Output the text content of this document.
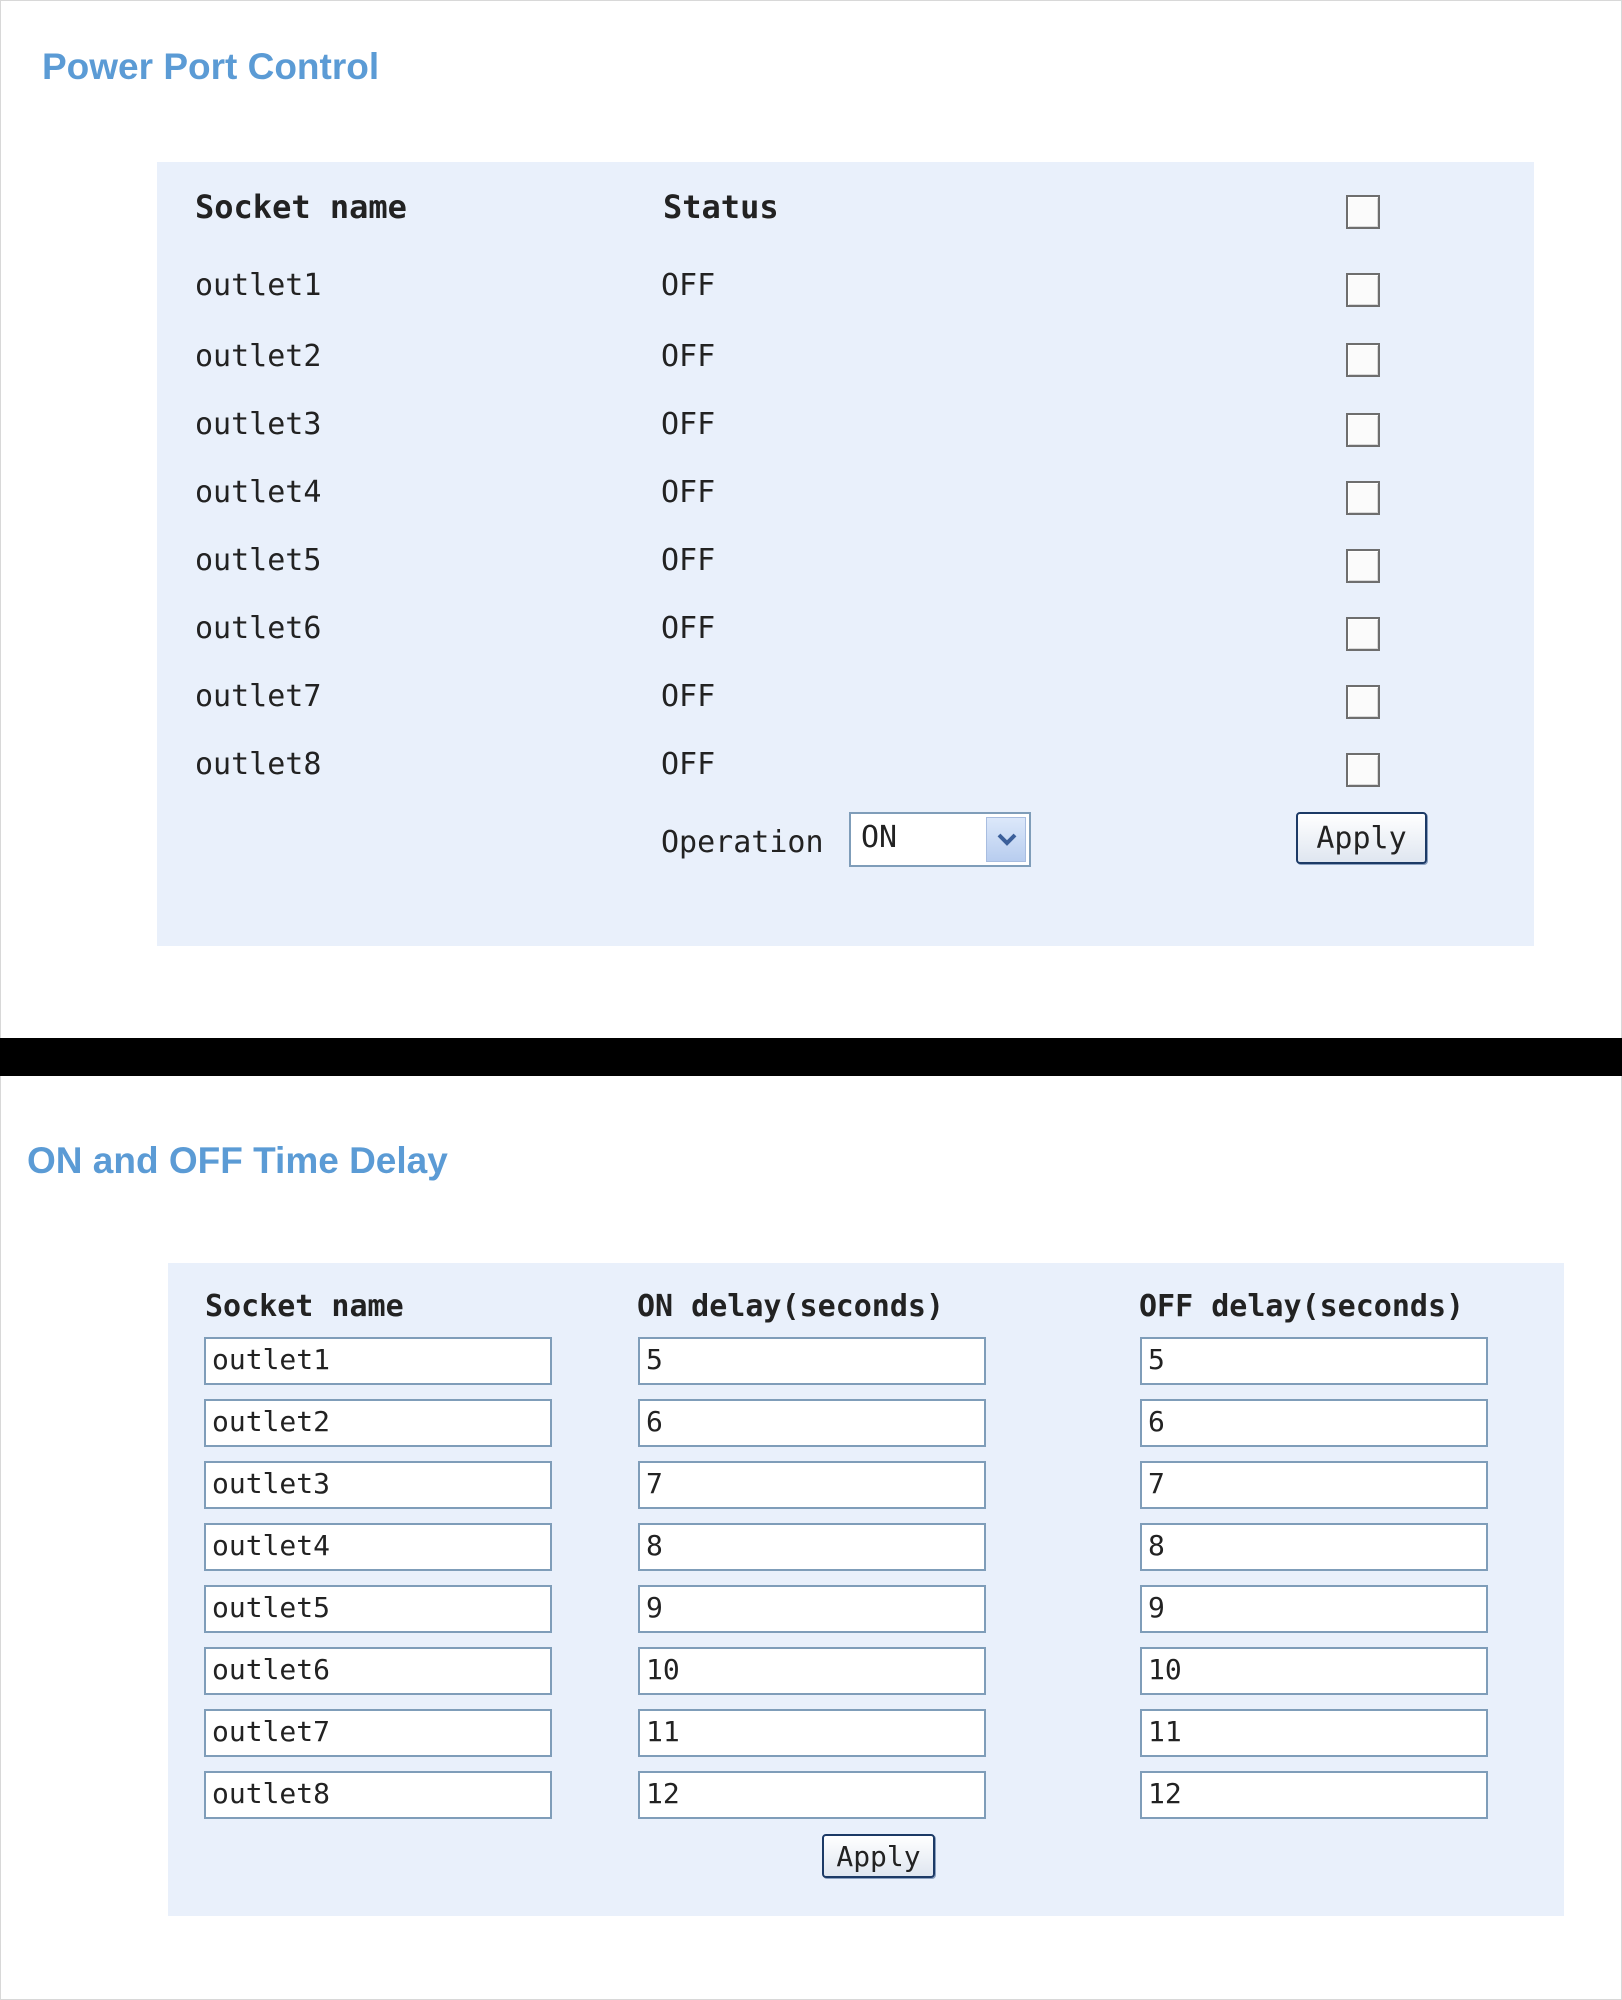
Power Port Control
Socket name	Status
outlet1	OFF
outlet2	OFF
outlet3	OFF
outlet4	OFF
outlet5	OFF
outlet6	OFF
outlet7	OFF
outlet8	OFF
Operation ON	Apply
ON and OFF Time Delay
Socket name	ON delay(seconds)	OFF delay(seconds)
outlet1	5	5
outlet2	6	6
outlet3	7	7
outlet4	8	8
outlet5	9	9
outlet6	10	10
outlet7	11	11
outlet8	12	12
Apply
